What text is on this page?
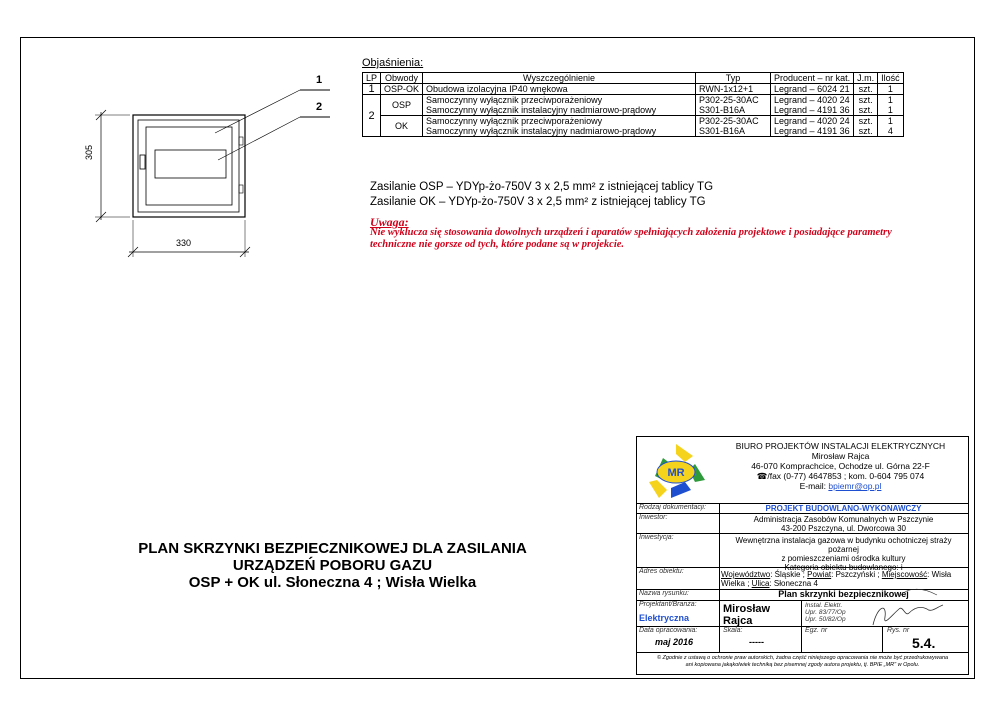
1
2
305
330
Objaśnienia:
LP	Obwody	Wyszczególnienie	Typ	Producent – nr kat.	J.m.	Ilość
1	OSP-OK	Obudowa izolacyjna IP40 wnękowa	RWN-1x12+1	Legrand – 6024 21	szt.	1
2	OSP	Samoczynny wyłącznik przeciwporażeniowy	P302-25-30AC	Legrand – 4020 24	szt.	1
		Samoczynny wyłącznik instalacyjny nadmiarowo-prądowy	S301-B16A	Legrand – 4191 36	szt.	1
	OK	Samoczynny wyłącznik przeciwporażeniowy	P302-25-30AC	Legrand – 4020 24	szt.	1
		Samoczynny wyłącznik instalacyjny nadmiarowo-prądowy	S301-B16A	Legrand – 4191 36	szt.	4
Zasilanie OSP – YDYp-żo-750V 3 x 2,5 mm² z istniejącej tablicy TG
Zasilanie OK – YDYp-żo-750V 3 x 2,5 mm² z istniejącej tablicy TG
Uwaga:
Nie wyklucza się stosowania dowolnych urządzeń i aparatów spełniających założenia projektowe i posiadające parametry techniczne nie gorsze od tych, które podane są w projekcie.
PLAN SKRZYNKI BEZPIECZNIKOWEJ DLA ZASILANIA
URZĄDZEŃ POBORU GAZU
OSP + OK ul. Słoneczna 4 ; Wisła Wielka
MR
BIURO PROJEKTÓW INSTALACJI ELEKTRYCZNYCH
Mirosław Rajca
46-070 Komprachcice, Ochodze ul. Górna 22-F
☎/fax (0-77) 4647853 ; kom. 0-604 795 074
E-mail: bpiemr@op.pl
Rodzaj dokumentacji:	PROJEKT BUDOWLANO-WYKONAWCZY
Inwestor:	Administracja Zasobów Komunalnych w Pszczynie
43-200 Pszczyna, ul. Dworcowa 30
Inwestycja:	Wewnętrzna instalacja gazowa w budynku ochotniczej straży pożarnej
z pomieszczeniami ośrodka kultury
Kategoria obiektu budowlanego: i
Adres obiektu:	Województwo: Śląskie ; Powiat: Pszczyński ; Miejscowość: Wisła
Wielka ; Ulica: Słoneczna 4
Nazwa rysunku:	Plan skrzynki bezpiecznikowej
Projektant/Branża:
Elektryczna
Mirosław
Rajca
Instal. Elektr.
Upr. 83/77/Op
Upr. 50/82/Op
Data opracowania:
maj 2016
Skala:
-----
Egz. nr	Rys. nr
5.4.
© Zgodnie z ustawą o ochronie praw autorskich, żadna część niniejszego opracowania nie może być przedrukowywana
ani kopiowana jakąkolwiek techniką bez pisemnej zgody autora projektu, tj. BPIE „MR" w Opolu.
